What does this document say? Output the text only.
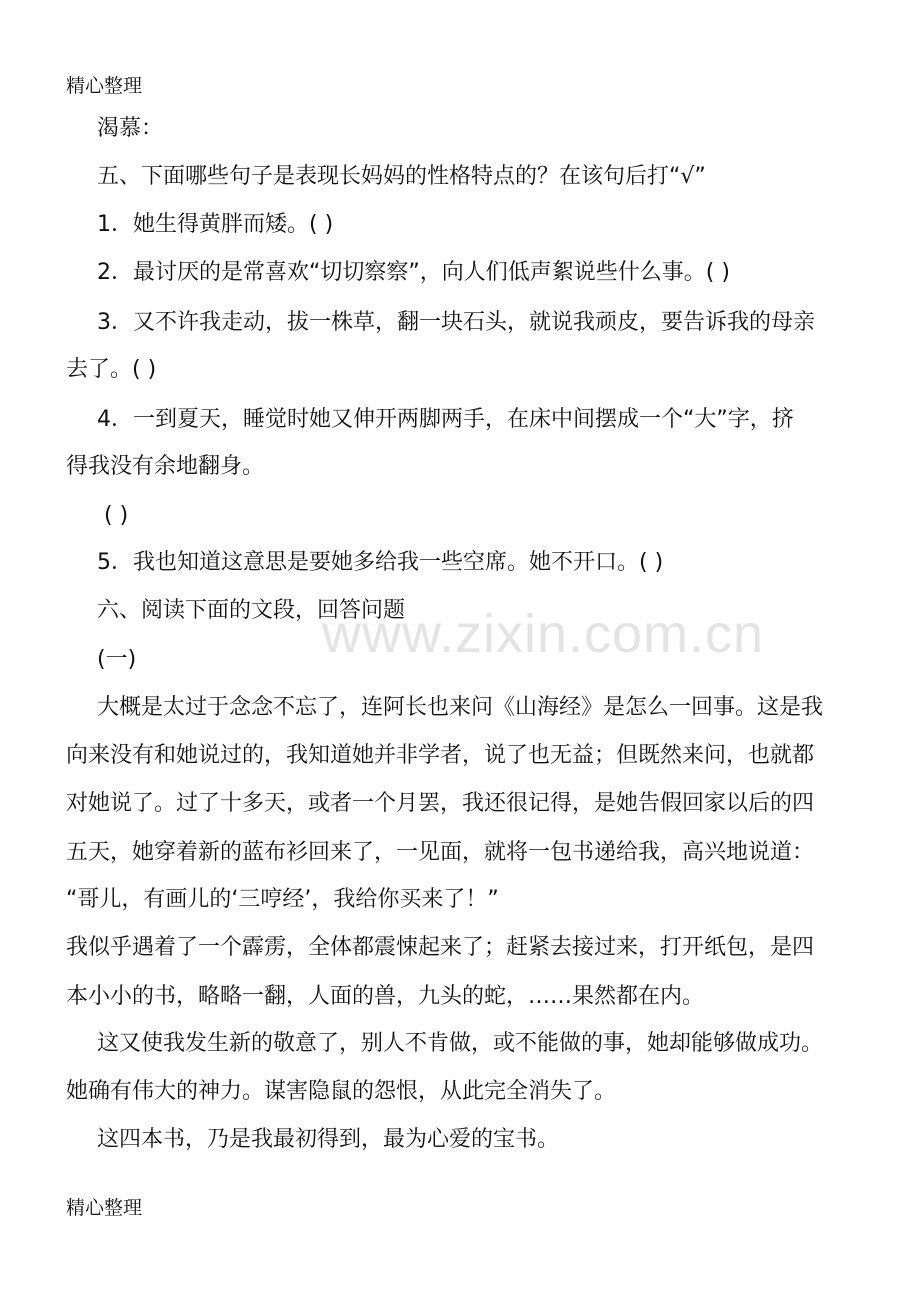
精心整理
www.zixin.com.cn
渴慕：
五、下面哪些句子是表现长妈妈的性格特点的？在该句后打“√”
1．她生得黄胖而矮。( )
2．最讨厌的是常喜欢“切切察察”，向人们低声絮说些什么事。( )
3．又不许我走动，拔一株草，翻一块石头，就说我顽皮，要告诉我的母亲
去了。( )
4．一到夏天，睡觉时她又伸开两脚两手，在床中间摆成一个“大”字，挤
得我没有余地翻身。
( )
5．我也知道这意思是要她多给我一些空席。她不开口。( )
六、阅读下面的文段，回答问题
(一)
大概是太过于念念不忘了，连阿长也来问《山海经》是怎么一回事。这是我
向来没有和她说过的，我知道她并非学者，说了也无益；但既然来问，也就都
对她说了。过了十多天，或者一个月罢，我还很记得，是她告假回家以后的四
五天，她穿着新的蓝布衫回来了，一见面，就将一包书递给我，高兴地说道：
“哥儿，有画儿的‘三哼经’，我给你买来了！”
我似乎遇着了一个霹雳，全体都震悚起来了；赶紧去接过来，打开纸包，是四
本小小的书，略略一翻，人面的兽，九头的蛇，……果然都在内。
这又使我发生新的敬意了，别人不肯做，或不能做的事，她却能够做成功。
她确有伟大的神力。谋害隐鼠的怨恨，从此完全消失了。
这四本书，乃是我最初得到，最为心爱的宝书。
精心整理
